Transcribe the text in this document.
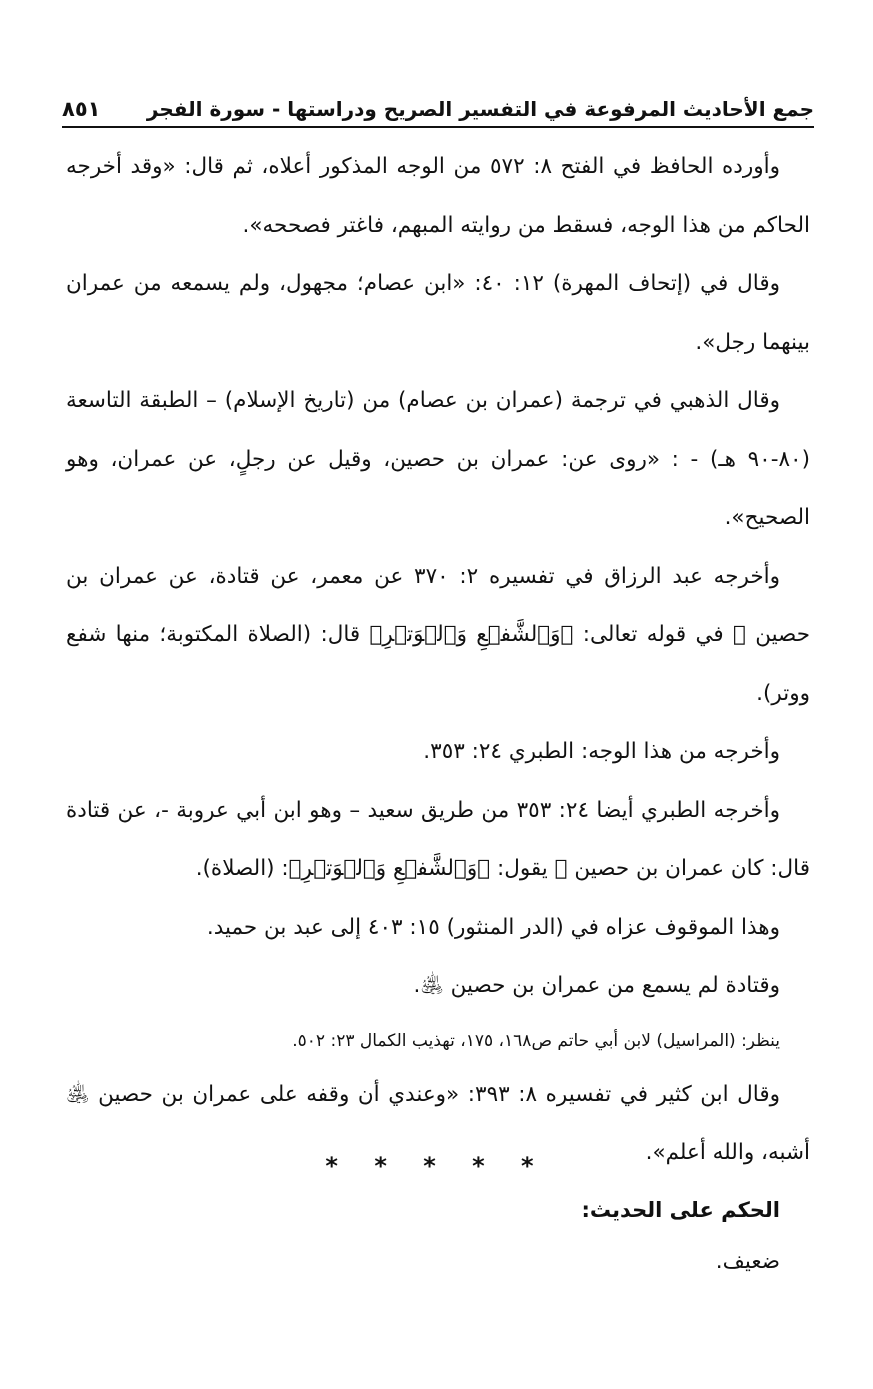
جمع الأحاديث المرفوعة في التفسير الصريح ودراستها - سورة الفجر
٨٥١

وأورده الحافظ في الفتح ٨: ٥٧٢ من الوجه المذكور أعلاه، ثم قال: «وقد أخرجه الحاكم من هذا الوجه، فسقط من روايته المبهم، فاغتر فصححه».

وقال في (إتحاف المهرة) ١٢: ٤٠: «ابن عصام؛ مجهول، ولم يسمعه من عمران بينهما رجل».

وقال الذهبي في ترجمة (عمران بن عصام) من (تاريخ الإسلام) – الطبقة التاسعة (٨٠-٩٠ هـ) - : «روى عن: عمران بن حصين، وقيل عن رجلٍ، عن عمران، وهو الصحيح».

وأخرجه عبد الرزاق في تفسيره ٢: ٣٧٠ عن معمر، عن قتادة، عن عمران بن حصين ﵁ في قوله تعالى: ﴿وَٱلشَّفۡعِ وَٱلۡوَتۡرِ﴾ قال: (الصلاة المكتوبة؛ منها شفع ووتر).

وأخرجه من هذا الوجه: الطبري ٢٤: ٣٥٣.

وأخرجه الطبري أيضا ٢٤: ٣٥٣ من طريق سعيد – وهو ابن أبي عروبة -، عن قتادة قال: كان عمران بن حصين ﵁ يقول: ﴿وَٱلشَّفۡعِ وَٱلۡوَتۡرِ﴾: (الصلاة).

وهذا الموقوف عزاه في (الدر المنثور) ١٥: ٤٠٣ إلى عبد بن حميد.

وقتادة لم يسمع من عمران بن حصين ﵁.

ينظر: (المراسيل) لابن أبي حاتم ص١٦٨، ١٧٥، تهذيب الكمال ٢٣: ٥٠٢.

وقال ابن كثير في تفسيره ٨: ٣٩٣: «وعندي أن وقفه على عمران بن حصين ﵁ أشبه، والله أعلم».

الحكم على الحديث:

ضعيف.

* * * * *
